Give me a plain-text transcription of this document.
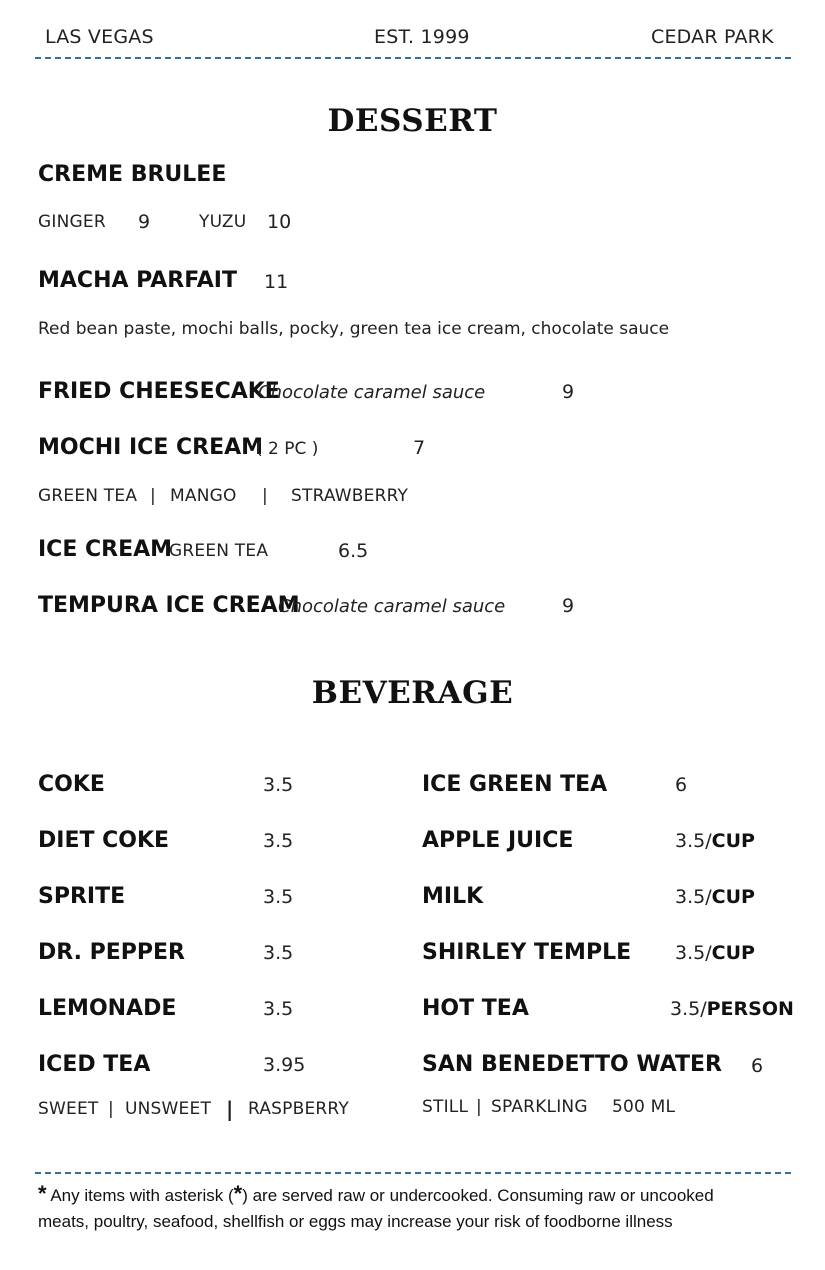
LAS VEGAS	EST. 1999	CEDAR PARK
DESSERT
CREME BRULEE
GINGER 9	YUZU 10
MACHA PARFAIT 11
Red bean paste, mochi balls, pocky, green tea ice cream, chocolate sauce
FRIED CHEESECAKE
Chocolate caramel sauce	9
MOCHI ICE CREAM
( 2 PC )	7
GREEN TEA | MANGO | STRAWBERRY
ICE CREAM
GREEN TEA	6.5
TEMPURA ICE CREAM
Chocolate caramel sauce	9
BEVERAGE
COKE	3.5
DIET COKE	3.5
SPRITE	3.5
DR. PEPPER	3.5
LEMONADE	3.5
ICED TEA	3.95
SWEET | UNSWEET | RASPBERRY
ICE GREEN TEA	6
APPLE JUICE	3.5/CUP
MILK	3.5/CUP
SHIRLEY TEMPLE 3.5/CUP
HOT TEA	3.5/PERSON
SAN BENEDETTO WATER 6
STILL | SPARKLING 500 ML
* Any items with asterisk (*) are served raw or undercooked. Consuming raw or uncooked
meats, poultry, seafood, shellfish or eggs may increase your risk of foodborne illness
